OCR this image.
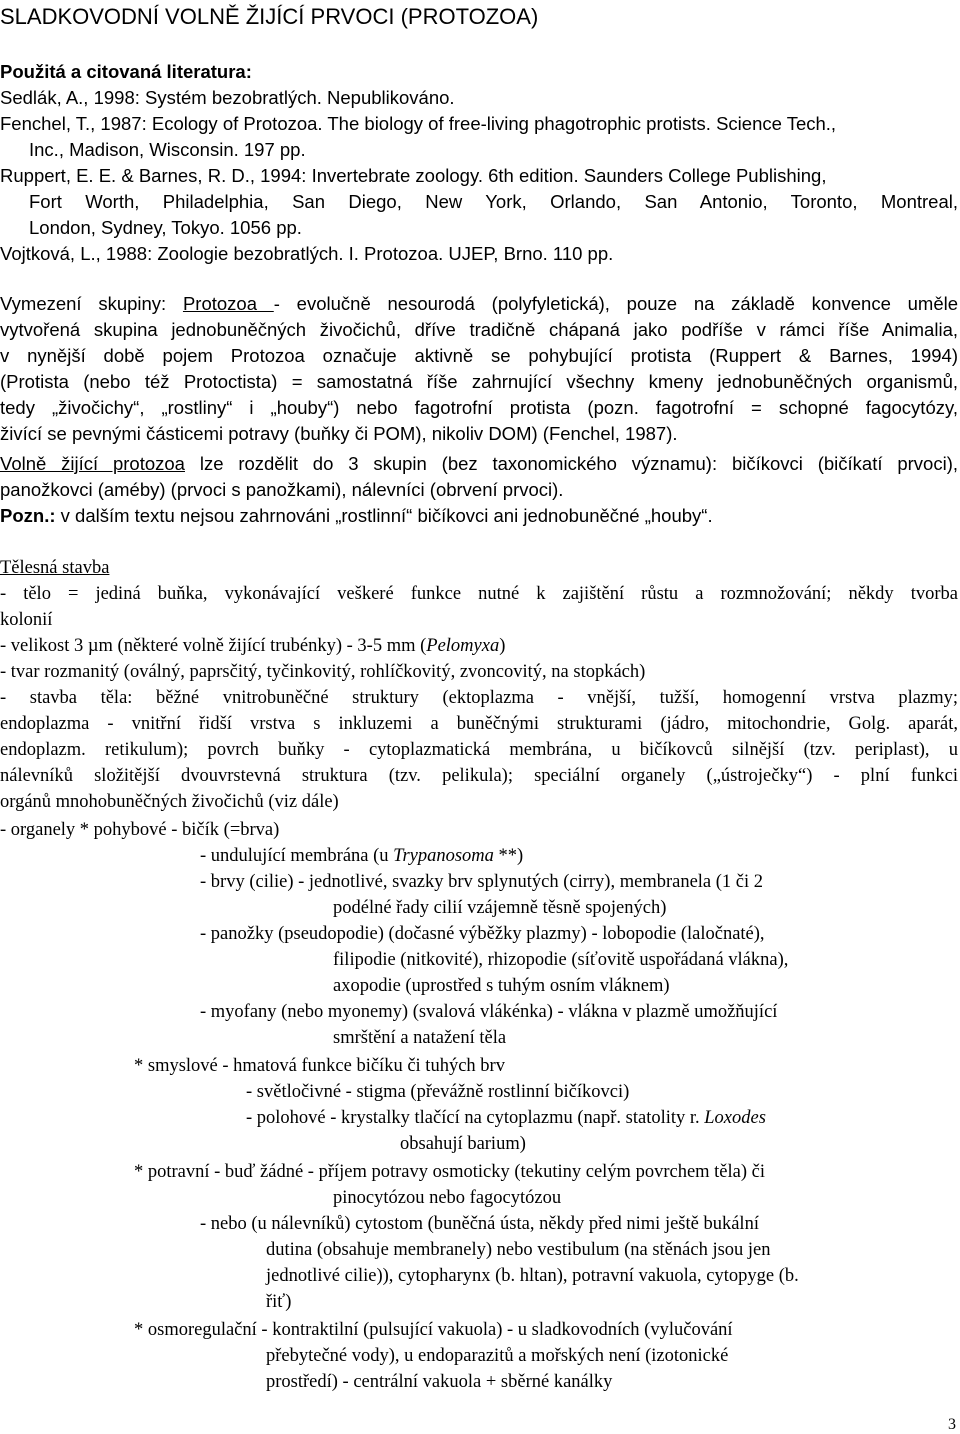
SLADKOVODNÍ VOLNĚ ŽIJÍCÍ PRVOCI (PROTOZOA)
Použitá a citovaná literatura:
Sedlák, A., 1998: Systém bezobratlých. Nepublikováno.
Fenchel, T., 1987: Ecology of Protozoa. The biology of free-living phagotrophic protists. Science Tech.,
Inc., Madison, Wisconsin. 197 pp.
Ruppert, E. E. & Barnes, R. D., 1994: Invertebrate zoology. 6th edition. Saunders College Publishing,
Fort Worth, Philadelphia, San Diego, New York, Orlando, San Antonio, Toronto, Montreal,
London, Sydney, Tokyo. 1056 pp.
Vojtková, L., 1988: Zoologie bezobratlých. I. Protozoa. UJEP, Brno. 110 pp.
Vymezení skupiny: Protozoa - evolučně nesourodá (polyfyletická), pouze na základě konvence uměle
vytvořená skupina jednobuněčných živočichů, dříve tradičně chápaná jako podříše v rámci říše Animalia,
v nynější době pojem Protozoa označuje aktivně se pohybující protista (Ruppert & Barnes, 1994)
(Protista (nebo též Protoctista) = samostatná říše zahrnující všechny kmeny jednobuněčných organismů,
tedy „živočichy“, „rostliny“ i „houby“) nebo fagotrofní protista (pozn. fagotrofní = schopné fagocytózy,
živící se pevnými částicemi potravy (buňky či POM), nikoliv DOM) (Fenchel, 1987).
Volně žijící protozoa lze rozdělit do 3 skupin (bez taxonomického významu): bičíkovci (bičíkatí prvoci),
panožkovci (améby) (prvoci s panožkami), nálevníci (obrvení prvoci).
Pozn.: v dalším textu nejsou zahrnováni „rostlinní“ bičíkovci ani jednobuněčné „houby“.
Tělesná stavba
- tělo = jediná buňka, vykonávající veškeré funkce nutné k zajištění růstu a rozmnožování; někdy tvorba
kolonií
- velikost 3 µm (některé volně žijící trubénky) - 3-5 mm (Pelomyxa)
- tvar rozmanitý (oválný, paprsčitý, tyčinkovitý, rohlíčkovitý, zvoncovitý, na stopkách)
- stavba těla: běžné vnitrobuněčné struktury (ektoplazma - vnější, tužší, homogenní vrstva plazmy;
endoplazma - vnitřní řidší vrstva s inkluzemi a buněčnými strukturami (jádro, mitochondrie, Golg. aparát,
endoplazm. retikulum); povrch buňky - cytoplazmatická membrána, u bičíkovců silnější (tzv. periplast), u
nálevníků složitější dvouvrstevná struktura (tzv. pelikula); speciální organely („ústroječky“) - plní funkci
orgánů mnohobuněčných živočichů (viz dále)
- organely * pohybové - bičík (=brva)
- undulující membrána (u Trypanosoma **)
- brvy (cilie) - jednotlivé, svazky brv splynutých (cirry), membranela (1 či 2
podélné řady cilií vzájemně těsně spojených)
- panožky (pseudopodie) (dočasné výběžky plazmy) - lobopodie (laločnaté),
filipodie (nitkovité), rhizopodie (síťovitě uspořádaná vlákna),
axopodie (uprostřed s tuhým osním vláknem)
- myofany (nebo myonemy) (svalová vlákénka) - vlákna v plazmě umožňující
smrštění a natažení těla
* smyslové - hmatová funkce bičíku či tuhých brv
- světločivné - stigma (převážně rostlinní bičíkovci)
- polohové - krystalky tlačící na cytoplazmu (např. statolity r. Loxodes
obsahují barium)
* potravní - buď žádné - příjem potravy osmoticky (tekutiny celým povrchem těla) či
pinocytózou nebo fagocytózou
- nebo (u nálevníků) cytostom (buněčná ústa, někdy před nimi ještě bukální
dutina (obsahuje membranely) nebo vestibulum (na stěnách jsou jen
jednotlivé cilie)), cytopharynx (b. hltan), potravní vakuola, cytopyge (b.
řiť)
* osmoregulační - kontraktilní (pulsující vakuola) - u sladkovodních (vylučování
přebytečné vody), u endoparazitů a mořských není (izotonické
prostředí) - centrální vakuola + sběrné kanálky
3
